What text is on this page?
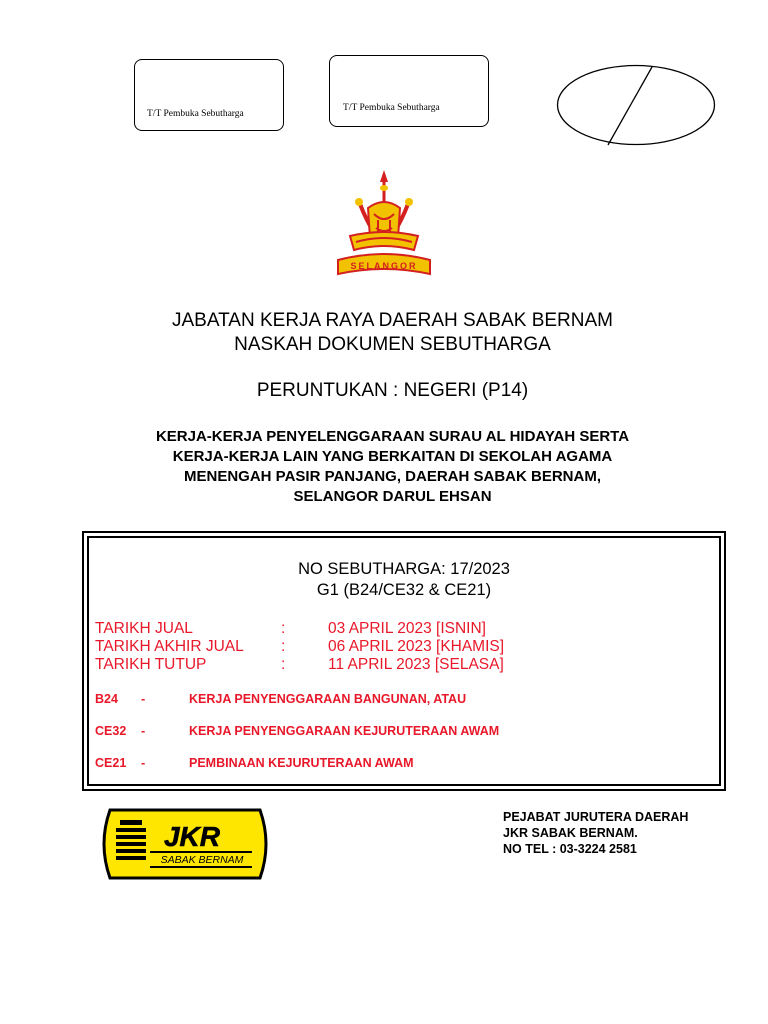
T/T Pembuka Sebutharga
T/T Pembuka Sebutharga
SELANGOR
JABATAN KERJA RAYA DAERAH SABAK BERNAM
NASKAH DOKUMEN SEBUTHARGA
PERUNTUKAN : NEGERI (P14)
KERJA-KERJA PENYELENGGARAAN SURAU AL HIDAYAH SERTA
KERJA-KERJA LAIN YANG BERKAITAN DI SEKOLAH AGAMA
MENENGAH PASIR PANJANG, DAERAH SABAK BERNAM,
SELANGOR DARUL EHSAN
NO SEBUTHARGA: 17/2023
G1 (B24/CE32 & CE21)
TARIKH JUAL	:	03 APRIL 2023 [ISNIN]
TARIKH AKHIR JUAL :	06 APRIL 2023 [KHAMIS]
TARIKH TUTUP	:	11 APRIL 2023 [SELASA]
B24 -	KERJA PENYENGGARAAN BANGUNAN, ATAU
CE32 -	KERJA PENYENGGARAAN KEJURUTERAAN AWAM
CE21 -	PEMBINAAN KEJURUTERAAN AWAM
JKR
SABAK BERNAM
PEJABAT JURUTERA DAERAH
JKR SABAK BERNAM.
NO TEL : 03-3224 2581
